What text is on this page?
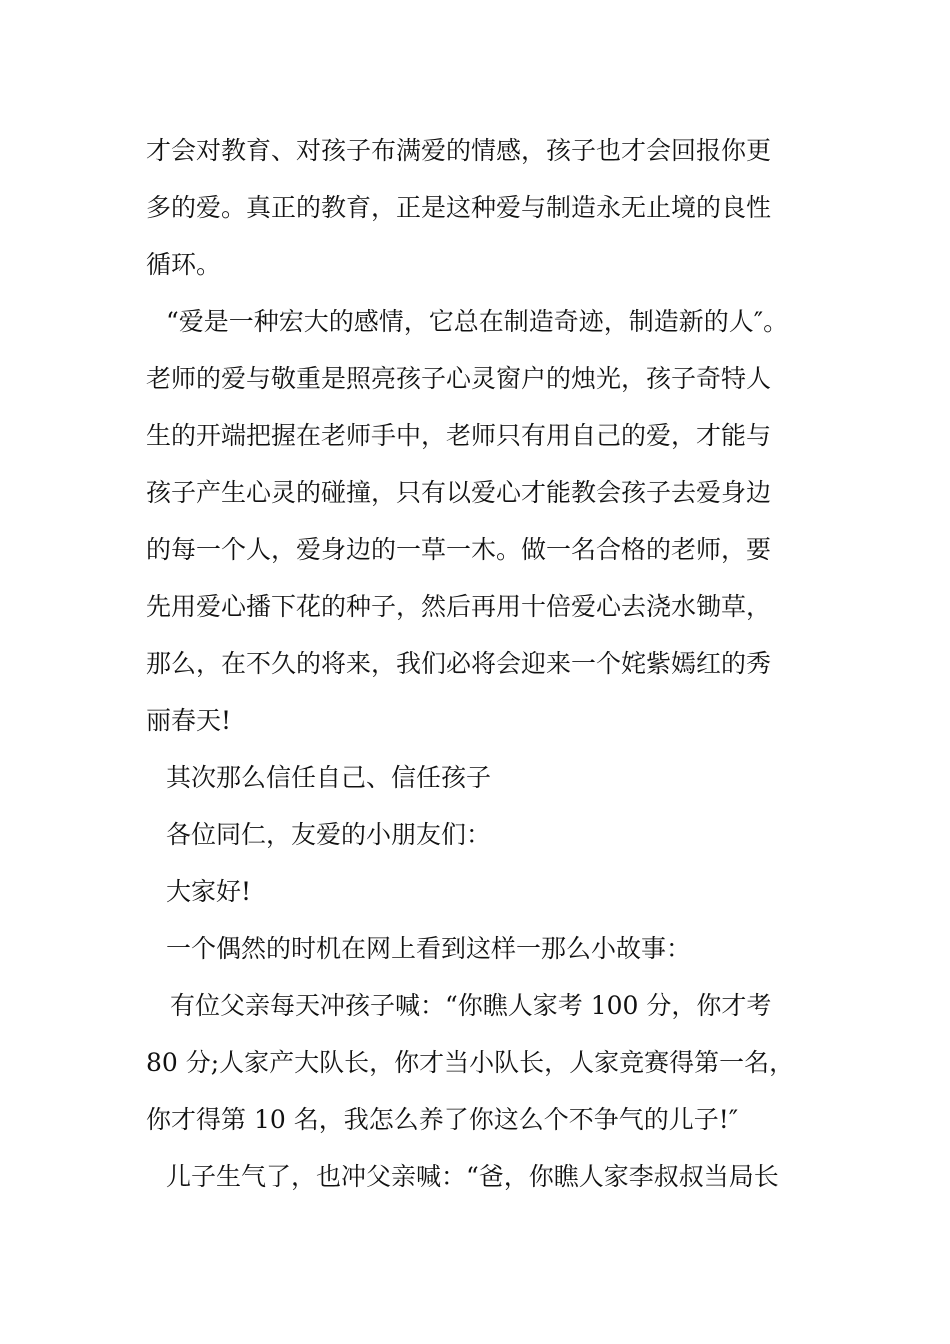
才会对教育、对孩子布满爱的情感，孩子也才会回报你更
多的爱。真正的教育，正是这种爱与制造永无止境的良性
循环。
“爱是一种宏大的感情，它总在制造奇迹，制造新的人″。
老师的爱与敬重是照亮孩子心灵窗户的烛光，孩子奇特人
生的开端把握在老师手中，老师只有用自己的爱，才能与
孩子产生心灵的碰撞，只有以爱心才能教会孩子去爱身边
的每一个人，爱身边的一草一木。做一名合格的老师，要
先用爱心播下花的种子，然后再用十倍爱心去浇水锄草，
那么，在不久的将来，我们必将会迎来一个姹紫嫣红的秀
丽春天!
其次那么信任自己、信任孩子
各位同仁，友爱的小朋友们：
大家好!
一个偶然的时机在网上看到这样一那么小故事：
有位父亲每天冲孩子喊：“你瞧人家考 100 分，你才考
80 分;人家产大队长，你才当小队长，人家竞赛得第一名，
你才得第 10 名，我怎么养了你这么个不争气的儿子!″
儿子生气了，也冲父亲喊：“爸，你瞧人家李叔叔当局长
